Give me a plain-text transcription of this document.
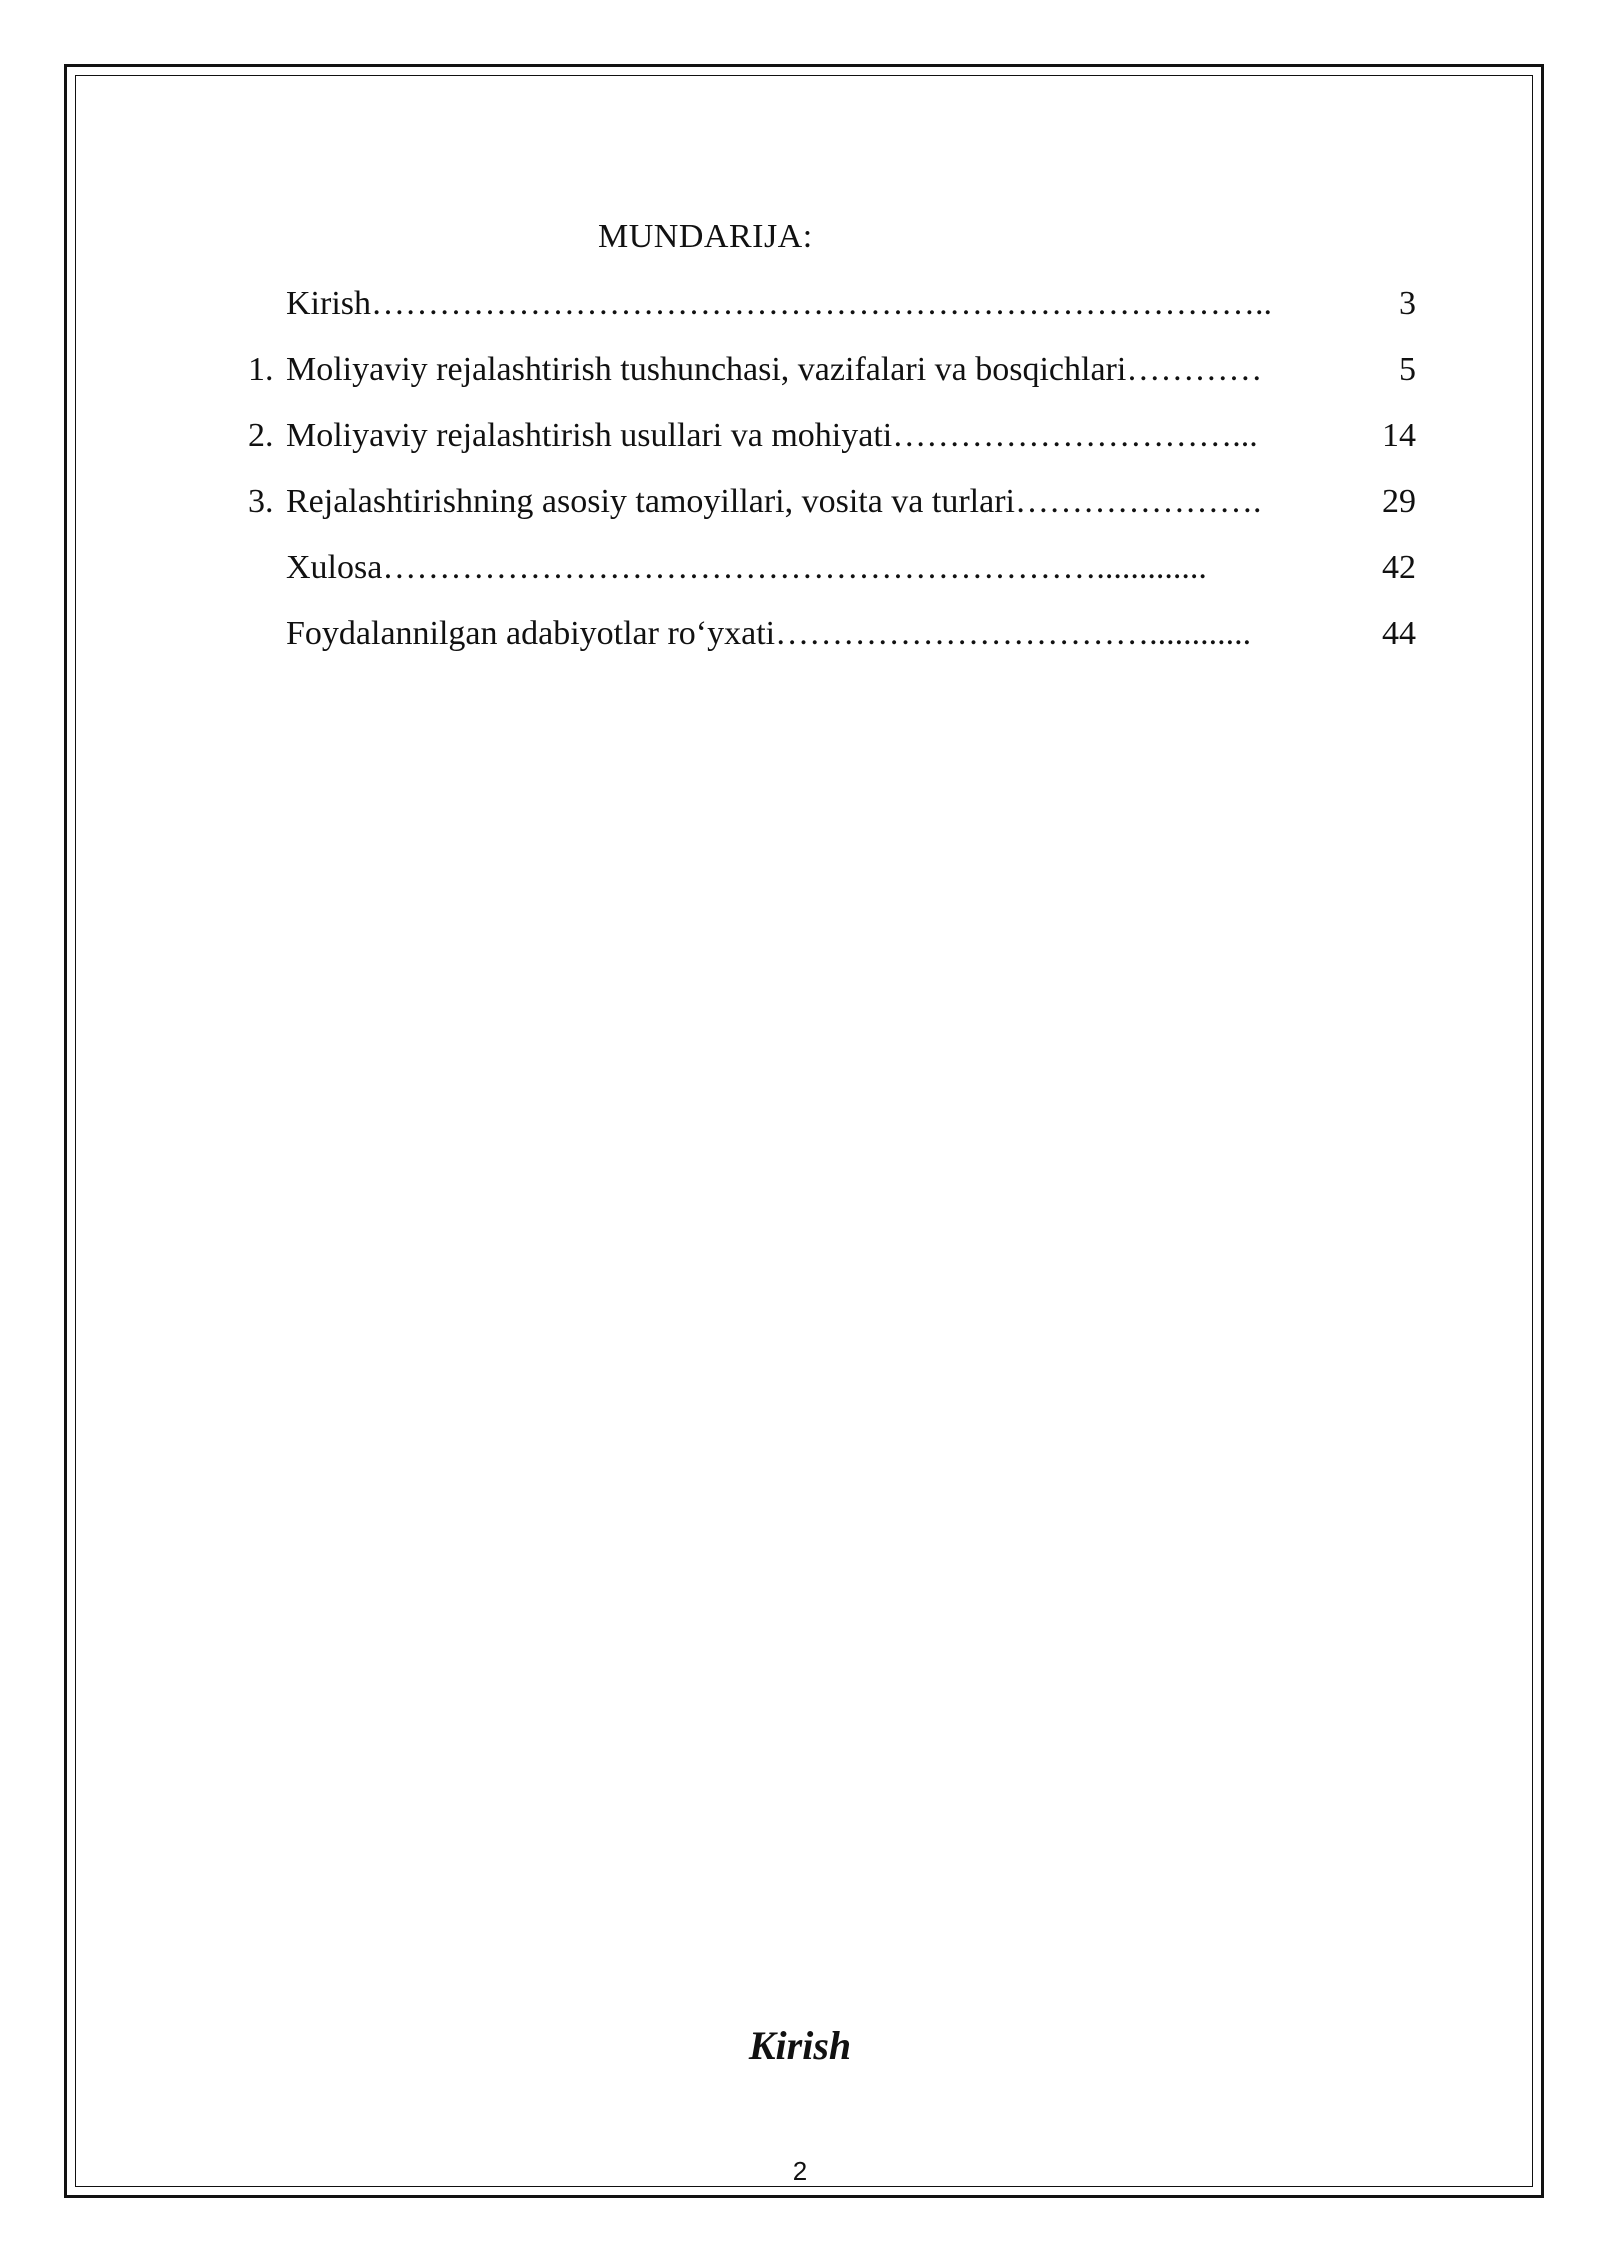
MUNDARIJA:
Kirish ……………………………………………………………………..	3
1. Moliyaviy rejalashtirish tushunchasi, vazifalari va bosqichlari …………	5
2. Moliyaviy rejalashtirish usullari va mohiyati …………………………...	14
3. Rejalashtirishning asosiy tamoyillari, vosita va turlari ………………….	29
Xulosa ……………………………………………………….............	42
Foydalannilgan adabiyotlar ro‘yxati ……………………………............	44
Kirish
2
